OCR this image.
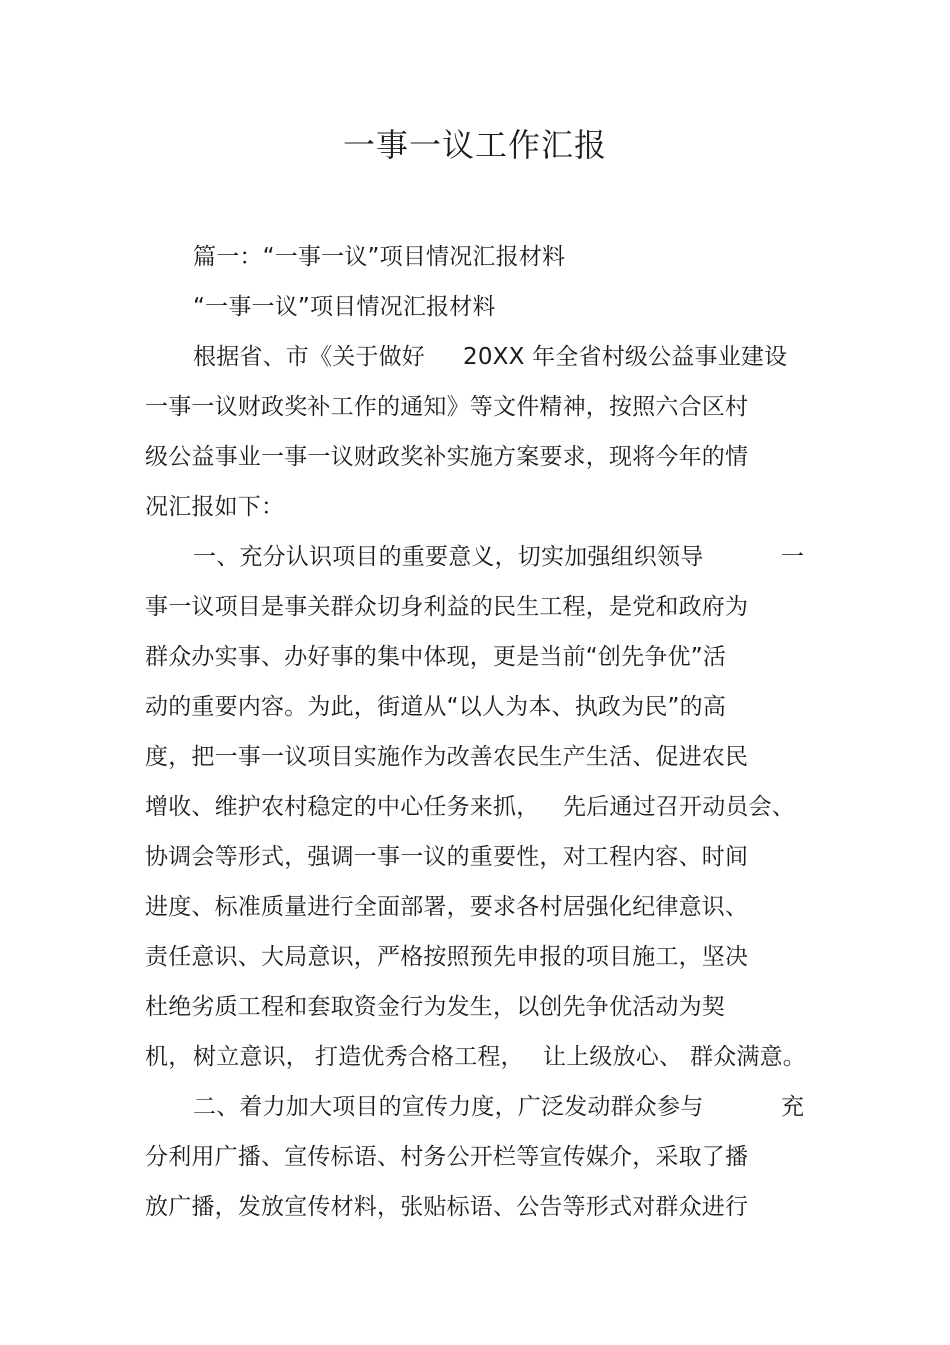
一事一议工作汇报
篇一：“一事一议”项目情况汇报材料
“一事一议”项目情况汇报材料
根据省、市《关于做好 20XX 年全省村级公益事业建设
一事一议财政奖补工作的通知》等文件精神，按照六合区村
级公益事业一事一议财政奖补实施方案要求，现将今年的情
况汇报如下：
一、充分认识项目的重要意义，切实加强组织领导	一
事一议项目是事关群众切身利益的民生工程，是党和政府为
群众办实事、办好事的集中体现，更是当前“创先争优”活
动的重要内容。为此，街道从“以人为本、执政为民”的高
度，把一事一议项目实施作为改善农民生产生活、促进农民
增收、维护农村稳定的中心任务来抓， 先后通过召开动员会、
协调会等形式，强调一事一议的重要性，对工程内容、时间
进度、标准质量进行全面部署，要求各村居强化纪律意识、
责任意识、大局意识，严格按照预先申报的项目施工，坚决
杜绝劣质工程和套取资金行为发生，以创先争优活动为契
机， 树立意识， 打造优秀合格工程， 让上级放心、 群众满意。
二、着力加大项目的宣传力度，广泛发动群众参与	充
分利用广播、宣传标语、村务公开栏等宣传媒介，采取了播
放广播，发放宣传材料，张贴标语、公告等形式对群众进行
